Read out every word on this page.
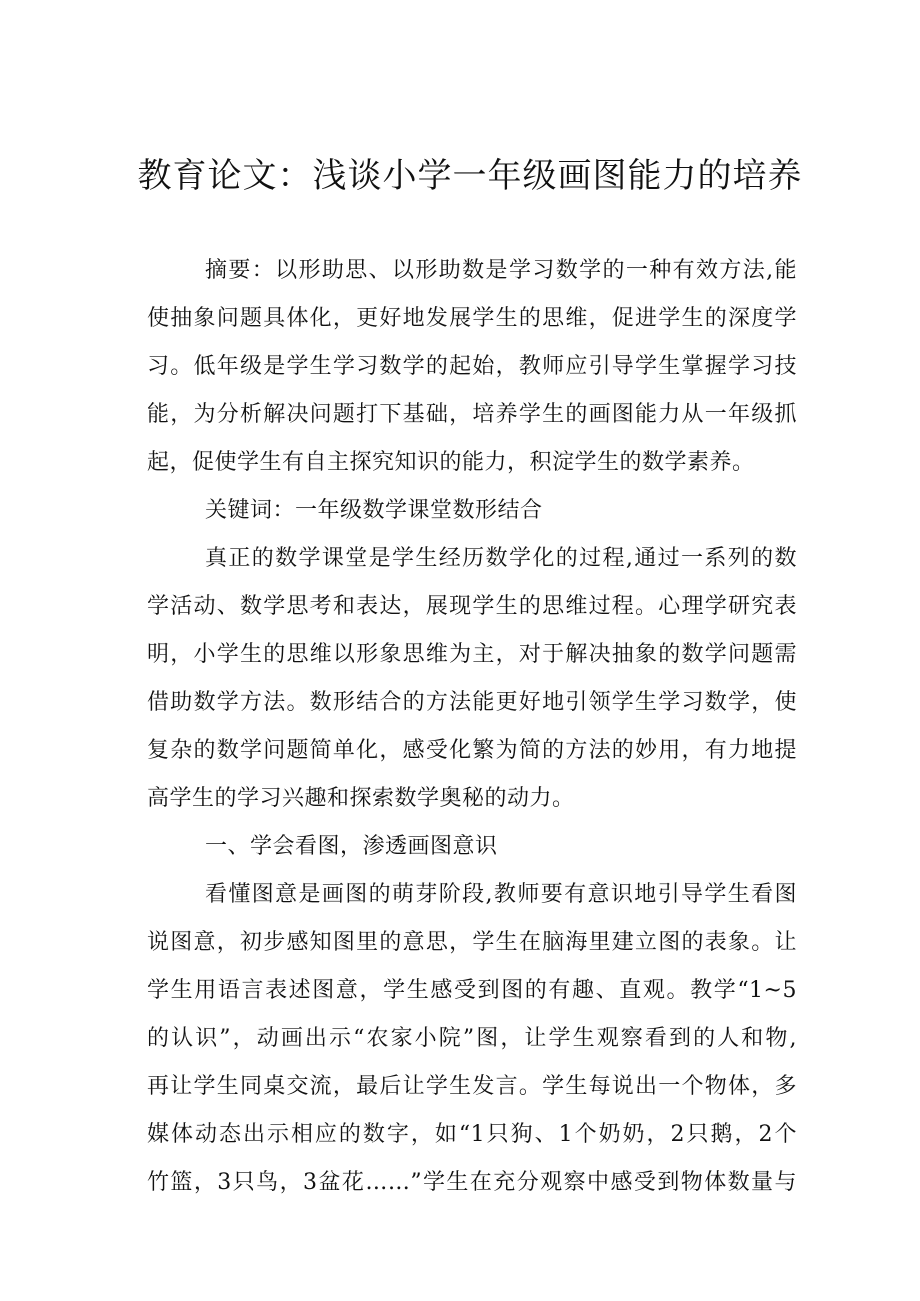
教育论文：浅谈小学一年级画图能力的培养
摘要：以形助思、以形助数是学习数学的一种有效方法,能
使抽象问题具体化，更好地发展学生的思维，促进学生的深度学
习。低年级是学生学习数学的起始，教师应引导学生掌握学习技
能，为分析解决问题打下基础，培养学生的画图能力从一年级抓
起，促使学生有自主探究知识的能力，积淀学生的数学素养。
关键词：一年级数学课堂数形结合
真正的数学课堂是学生经历数学化的过程,通过一系列的数
学活动、数学思考和表达，展现学生的思维过程。心理学研究表
明，小学生的思维以形象思维为主，对于解决抽象的数学问题需
借助数学方法。数形结合的方法能更好地引领学生学习数学，使
复杂的数学问题简单化，感受化繁为简的方法的妙用，有力地提
高学生的学习兴趣和探索数学奥秘的动力。
一、学会看图，渗透画图意识
看懂图意是画图的萌芽阶段,教师要有意识地引导学生看图
说图意，初步感知图里的意思，学生在脑海里建立图的表象。让
学生用语言表述图意，学生感受到图的有趣、直观。教学“1~5
的认识”，动画出示“农家小院”图，让学生观察看到的人和物,
再让学生同桌交流，最后让学生发言。学生每说出一个物体，多
媒体动态出示相应的数字，如“1只狗、1个奶奶，2只鹅，2个
竹篮，3只鸟，3盆花……”学生在充分观察中感受到物体数量与
